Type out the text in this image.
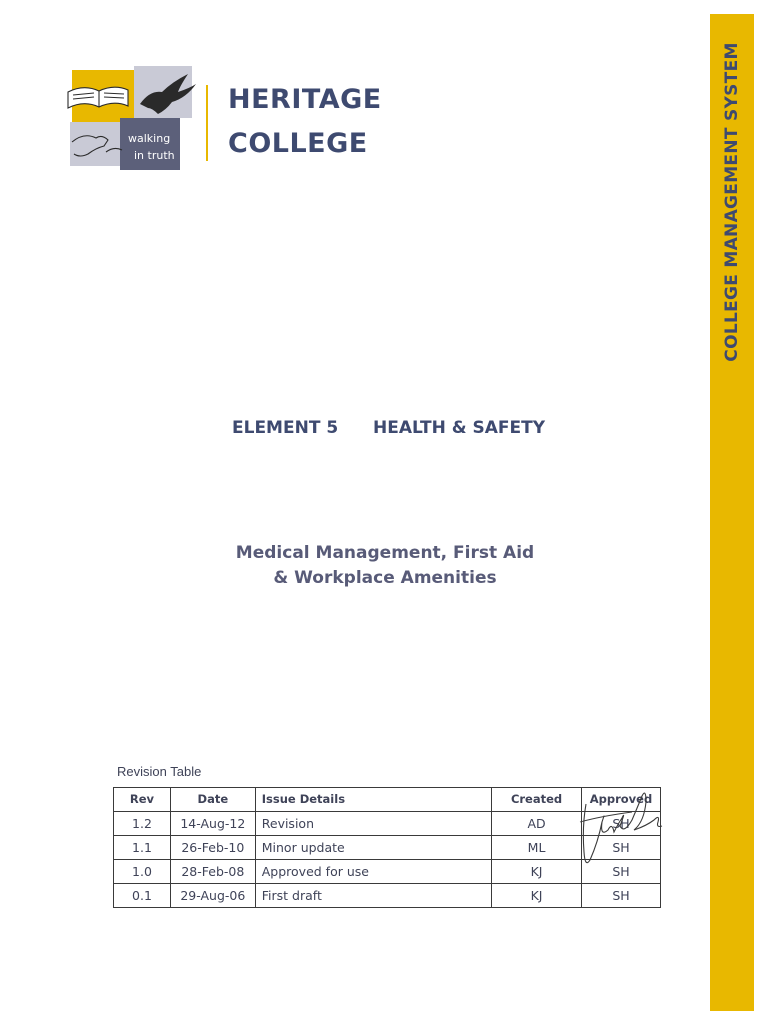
COLLEGE MANAGEMENT SYSTEM
walking
in truth
HERITAGE
COLLEGE
ELEMENT 5 HEALTH & SAFETY
Medical Management, First Aid
& Workplace Amenities
Revision Table
Rev	Date	Issue Details	Created	Approved
1.2	14-Aug-12	Revision	AD	SH
1.1	26-Feb-10	Minor update	ML	SH
1.0	28-Feb-08	Approved for use	KJ	SH
0.1	29-Aug-06	First draft	KJ	SH
